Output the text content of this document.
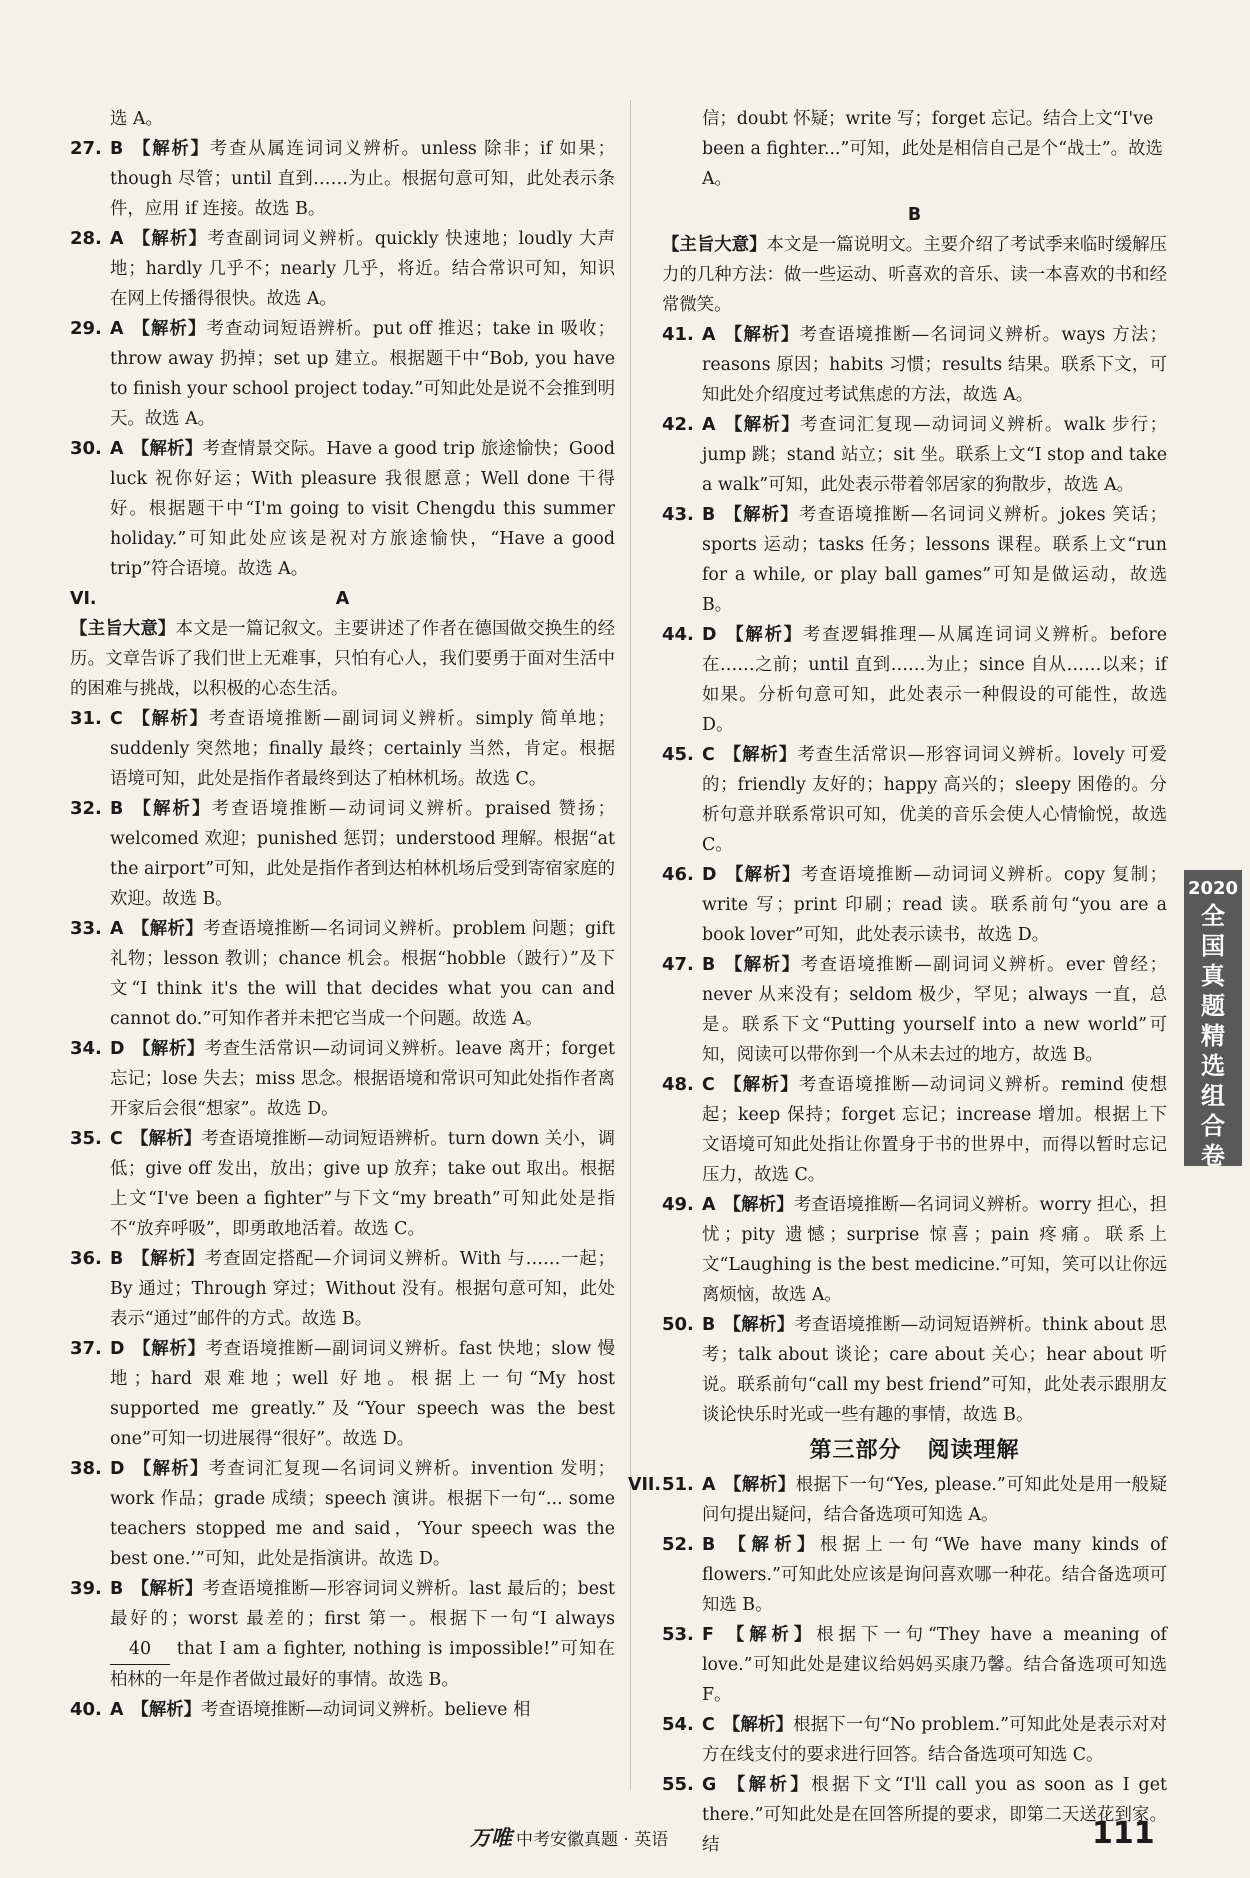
选 A。

27. B 【解析】考查从属连词词义辨析。unless 除非；if 如果；though 尽管；until 直到……为止。根据句意可知，此处表示条件，应用 if 连接。故选 B。

28. A 【解析】考查副词词义辨析。quickly 快速地；loudly 大声地；hardly 几乎不；nearly 几乎，将近。结合常识可知，知识在网上传播得很快。故选 A。

29. A 【解析】考查动词短语辨析。put off 推迟；take in 吸收；throw away 扔掉；set up 建立。根据题干中“Bob, you have to finish your school project today.”可知此处是说不会推到明天。故选 A。

30. A 【解析】考查情景交际。Have a good trip 旅途愉快；Good luck 祝你好运；With pleasure 我很愿意；Well done 干得好。根据题干中“I'm going to visit Chengdu this summer holiday.”可知此处应该是祝对方旅途愉快，“Have a good trip”符合语境。故选 A。

VI.	A

【主旨大意】本文是一篇记叙文。主要讲述了作者在德国做交换生的经历。文章告诉了我们世上无难事，只怕有心人，我们要勇于面对生活中的困难与挑战，以积极的心态生活。

31. C 【解析】考查语境推断—副词词义辨析。simply 简单地；suddenly 突然地；finally 最终；certainly 当然，肯定。根据语境可知，此处是指作者最终到达了柏林机场。故选 C。

32. B 【解析】考查语境推断—动词词义辨析。praised 赞扬；welcomed 欢迎；punished 惩罚；understood 理解。根据“at the airport”可知，此处是指作者到达柏林机场后受到寄宿家庭的欢迎。故选 B。

33. A 【解析】考查语境推断—名词词义辨析。problem 问题；gift 礼物；lesson 教训；chance 机会。根据“hobble（跛行）”及下文“I think it's the will that decides what you can and cannot do.”可知作者并未把它当成一个问题。故选 A。

34. D 【解析】考查生活常识—动词词义辨析。leave 离开；forget 忘记；lose 失去；miss 思念。根据语境和常识可知此处指作者离开家后会很“想家”。故选 D。

35. C 【解析】考查语境推断—动词短语辨析。turn down 关小，调低；give off 发出，放出；give up 放弃；take out 取出。根据上文“I've been a fighter”与下文“my breath”可知此处是指不“放弃呼吸”，即勇敢地活着。故选 C。

36. B 【解析】考查固定搭配—介词词义辨析。With 与……一起；By 通过；Through 穿过；Without 没有。根据句意可知，此处表示“通过”邮件的方式。故选 B。

37. D 【解析】考查语境推断—副词词义辨析。fast 快地；slow 慢地；hard 艰难地；well 好地。根据上一句“My host supported me greatly.”及“Your speech was the best one”可知一切进展得“很好”。故选 D。

38. D 【解析】考查词汇复现—名词词义辨析。invention 发明；work 作品；grade 成绩；speech 演讲。根据下一句“... some teachers stopped me and said，‘Your speech was the best one.’”可知，此处是指演讲。故选 D。

39. B 【解析】考查语境推断—形容词词义辨析。last 最后的；best 最好的；worst 最差的；first 第一。根据下一句“I always 40 that I am a fighter, nothing is impossible!”可知在柏林的一年是作者做过最好的事情。故选 B。

40. A 【解析】考查语境推断—动词词义辨析。believe 相

信；doubt 怀疑；write 写；forget 忘记。结合上文“I've been a fighter...”可知，此处是相信自己是个“战士”。故选 A。

B

【主旨大意】本文是一篇说明文。主要介绍了考试季来临时缓解压力的几种方法：做一些运动、听喜欢的音乐、读一本喜欢的书和经常微笑。

41. A 【解析】考查语境推断—名词词义辨析。ways 方法；reasons 原因；habits 习惯；results 结果。联系下文，可知此处介绍度过考试焦虑的方法，故选 A。

42. A 【解析】考查词汇复现—动词词义辨析。walk 步行；jump 跳；stand 站立；sit 坐。联系上文“I stop and take a walk”可知，此处表示带着邻居家的狗散步，故选 A。

43. B 【解析】考查语境推断—名词词义辨析。jokes 笑话；sports 运动；tasks 任务；lessons 课程。联系上文“run for a while, or play ball games”可知是做运动，故选 B。

44. D 【解析】考查逻辑推理—从属连词词义辨析。before 在……之前；until 直到……为止；since 自从……以来；if 如果。分析句意可知，此处表示一种假设的可能性，故选 D。

45. C 【解析】考查生活常识—形容词词义辨析。lovely 可爱的；friendly 友好的；happy 高兴的；sleepy 困倦的。分析句意并联系常识可知，优美的音乐会使人心情愉悦，故选 C。

46. D 【解析】考查语境推断—动词词义辨析。copy 复制；write 写；print 印刷；read 读。联系前句“you are a book lover”可知，此处表示读书，故选 D。

47. B 【解析】考查语境推断—副词词义辨析。ever 曾经；never 从来没有；seldom 极少，罕见；always 一直，总是。联系下文“Putting yourself into a new world”可知，阅读可以带你到一个从未去过的地方，故选 B。

48. C 【解析】考查语境推断—动词词义辨析。remind 使想起；keep 保持；forget 忘记；increase 增加。根据上下文语境可知此处指让你置身于书的世界中，而得以暂时忘记压力，故选 C。

49. A 【解析】考查语境推断—名词词义辨析。worry 担心，担忧；pity 遗憾；surprise 惊喜；pain 疼痛。联系上文“Laughing is the best medicine.”可知，笑可以让你远离烦恼，故选 A。

50. B 【解析】考查语境推断—动词短语辨析。think about 思考；talk about 谈论；care about 关心；hear about 听说。联系前句“call my best friend”可知，此处表示跟朋友谈论快乐时光或一些有趣的事情，故选 B。

第三部分 阅读理解

VII. 51. A 【解析】根据下一句“Yes, please.”可知此处是用一般疑问句提出疑问，结合备选项可知选 A。

52. B 【解析】根据上一句“We have many kinds of flowers.”可知此处应该是询问喜欢哪一种花。结合备选项可知选 B。

53. F 【解析】根据下一句“They have a meaning of love.”可知此处是建议给妈妈买康乃馨。结合备选项可知选 F。

54. C 【解析】根据下一句“No problem.”可知此处是表示对对方在线支付的要求进行回答。结合备选项可知选 C。

55. G 【解析】根据下文“I'll call you as soon as I get there.”可知此处是在回答所提的要求，即第二天送花到家。结

2020
全国真题精选组合卷
万唯 中考安徽真题 · 英语	111
